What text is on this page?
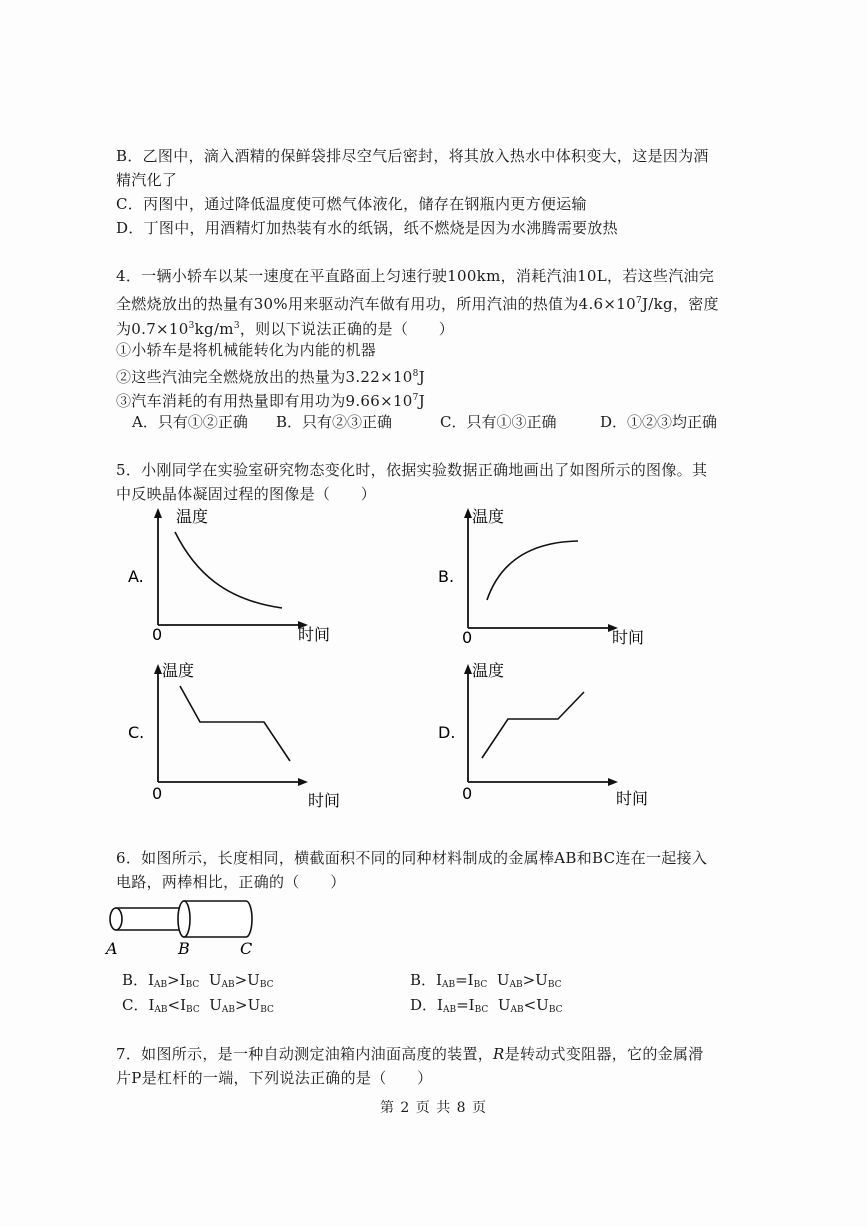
B．乙图中，滴入酒精的保鲜袋排尽空气后密封，将其放入热水中体积变大，这是因为酒
精汽化了
C．丙图中，通过降低温度使可燃气体液化，储存在钢瓶内更方便运输
D．丁图中，用酒精灯加热装有水的纸锅，纸不燃烧是因为水沸腾需要放热
4．一辆小轿车以某一速度在平直路面上匀速行驶100km，消耗汽油10L，若这些汽油完
全燃烧放出的热量有30%用来驱动汽车做有用功，所用汽油的热值为$4.6\times 10^7J/kg$，密度
为$0.7\times 10^3kg/m^3$，则以下说法正确的是（　　）
①小轿车是将机械能转化为内能的机器
②这些汽油完全燃烧放出的热量为$3.22\times 10^8J$
③汽车消耗的有用热量即有用功为$9.66\times 10^7J$
A．只有①②正确 B．只有②③正确	C．只有①③正确	D．①②③均正确
5．小刚同学在实验室研究物态变化时，依据实验数据正确地画出了如图所示的图像。其
中反映晶体凝固过程的图像是（　　）
A.
温度
0	时间
B.
温度
0	时间
C.
温度
0	时间
D.
温度
0	时间
6．如图所示，长度相同，横截面积不同的同种材料制成的金属棒AB和BC连在一起接入
电路，两棒相比，正确的（　　）
A	B	C
B．$I_{AB}>I_{BC}$ $U_{AB}>U_{BC}$	B．$I_{AB}=I_{BC}$ $U_{AB}>U_{BC}$
C．$I_{AB}<I_{BC}$ $U_{AB}>U_{BC}$	D．$I_{AB}=I_{BC}$ $U_{AB}<U_{BC}$
7．如图所示，是一种自动测定油箱内油面高度的装置，R是转动式变阻器，它的金属滑
片P是杠杆的一端，下列说法正确的是（　　）
第 2 页 共 8 页
